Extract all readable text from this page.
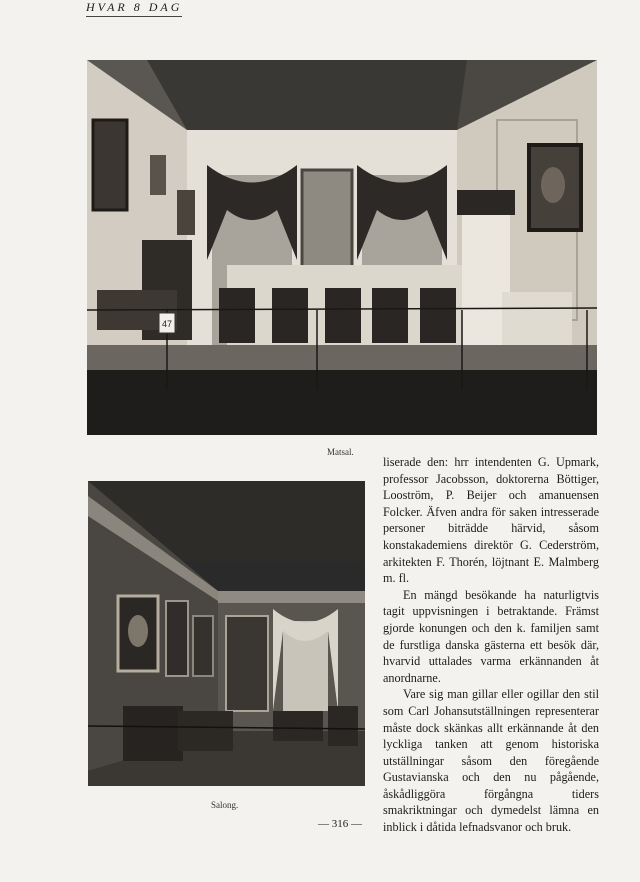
HVAR 8 DAG
47
Matsal.
Salong.

liserade den: hrr intendenten G. Upmark, professor Jacobsson, doktorerna Böttiger, Looström, P. Beijer och amanuensen Folcker. Äfven andra för saken intresserade personer biträdde härvid, såsom konstakademiens direktör G. Cederström, arkitekten F. Thorén, löjtnant E. Malmberg m. fl.

En mängd besökande ha naturligtvis tagit uppvisningen i betraktande. Främst gjorde konungen och den k. familjen samt de furstliga danska gästerna ett besök där, hvarvid uttalades varma erkännanden åt anordnarne.

Vare sig man gillar eller ogillar den stil som Carl Johansutställningen representerar måste dock skänkas allt erkännande åt den lyckliga tanken att genom historiska utställningar såsom den föregående Gustavianska och den nu pågående, åskådliggöra förgångna tiders smakriktningar och dymedelst lämna en inblick i dåtida lefnadsvanor och bruk.

— 316 —
